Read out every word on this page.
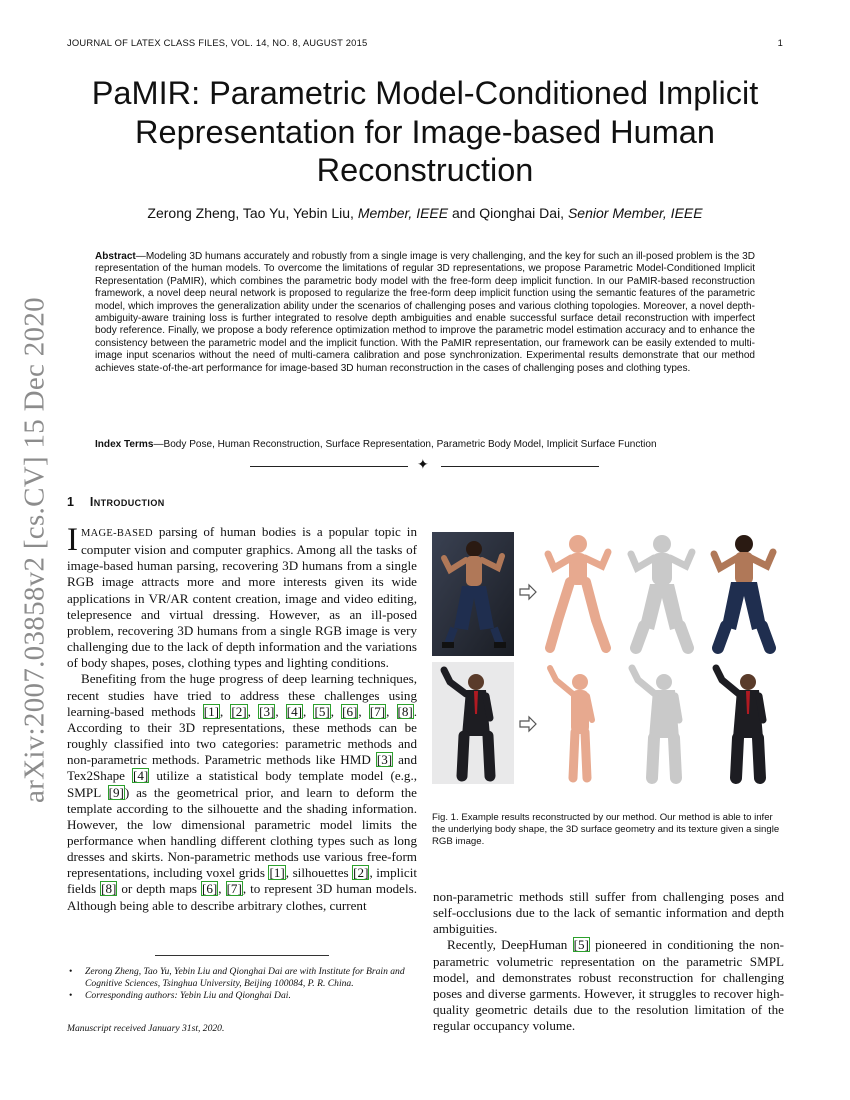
JOURNAL OF LATEX CLASS FILES, VOL. 14, NO. 8, AUGUST 2015	1
PaMIR: Parametric Model-Conditioned Implicit Representation for Image-based Human Reconstruction
Zerong Zheng, Tao Yu, Yebin Liu, Member, IEEE and Qionghai Dai, Senior Member, IEEE
Abstract—Modeling 3D humans accurately and robustly from a single image is very challenging, and the key for such an ill-posed problem is the 3D representation of the human models. To overcome the limitations of regular 3D representations, we propose Parametric Model-Conditioned Implicit Representation (PaMIR), which combines the parametric body model with the free-form deep implicit function. In our PaMIR-based reconstruction framework, a novel deep neural network is proposed to regularize the free-form deep implicit function using the semantic features of the parametric model, which improves the generalization ability under the scenarios of challenging poses and various clothing topologies. Moreover, a novel depth-ambiguity-aware training loss is further integrated to resolve depth ambiguities and enable successful surface detail reconstruction with imperfect body reference. Finally, we propose a body reference optimization method to improve the parametric model estimation accuracy and to enhance the consistency between the parametric model and the implicit function. With the PaMIR representation, our framework can be easily extended to multi-image input scenarios without the need of multi-camera calibration and pose synchronization. Experimental results demonstrate that our method achieves state-of-the-art performance for image-based 3D human reconstruction in the cases of challenging poses and clothing types.
Index Terms—Body Pose, Human Reconstruction, Surface Representation, Parametric Body Model, Implicit Surface Function
✦
arXiv:2007.03858v2 [cs.CV] 15 Dec 2020 1 Introduction

IMAGE-BASED parsing of human bodies is a popular topic in computer vision and computer graphics. Among all the tasks of image-based human parsing, recovering 3D humans from a single RGB image attracts more and more interests given its wide applications in VR/AR content creation, image and video editing, telepresence and virtual dressing. However, as an ill-posed problem, recovering 3D humans from a single RGB image is very challenging due to the lack of depth information and the variations of body shapes, poses, clothing types and lighting conditions.

Benefiting from the huge progress of deep learning techniques, recent studies have tried to address these challenges using learning-based methods [1], [2], [3], [4], [5], [6], [7], [8]. According to their 3D representations, these methods can be roughly classified into two categories: parametric methods and non-parametric methods. Parametric methods like HMD [3] and Tex2Shape [4] utilize a statistical body template model (e.g., SMPL [9]) as the geometrical prior, and learn to deform the template according to the silhouette and the shading information. However, the low dimensional parametric model limits the performance when handling different clothing types such as long dresses and skirts. Non-parametric methods use various free-form representations, including voxel grids [1], silhouettes [2], implicit fields [8] or depth maps [6], [7], to represent 3D human models. Although being able to describe arbitrary clothes, current

• Zerong Zheng, Tao Yu, Yebin Liu and Qionghai Dai are with Institute for Brain and Cognitive Sciences, Tsinghua University, Beijing 100084, P. R. China.
• Corresponding authors: Yebin Liu and Qionghai Dai.
Manuscript received January 31st, 2020.
Fig. 1. Example results reconstructed by our method. Our method is able to infer the underlying body shape, the 3D surface geometry and its texture given a single RGB image.

non-parametric methods still suffer from challenging poses and self-occlusions due to the lack of semantic information and depth ambiguities.

Recently, DeepHuman [5] pioneered in conditioning the non-parametric volumetric representation on the parametric SMPL model, and demonstrates robust reconstruction for challenging poses and diverse garments. However, it struggles to recover high-quality geometric details due to the resolution limitation of the regular occupancy volume.
